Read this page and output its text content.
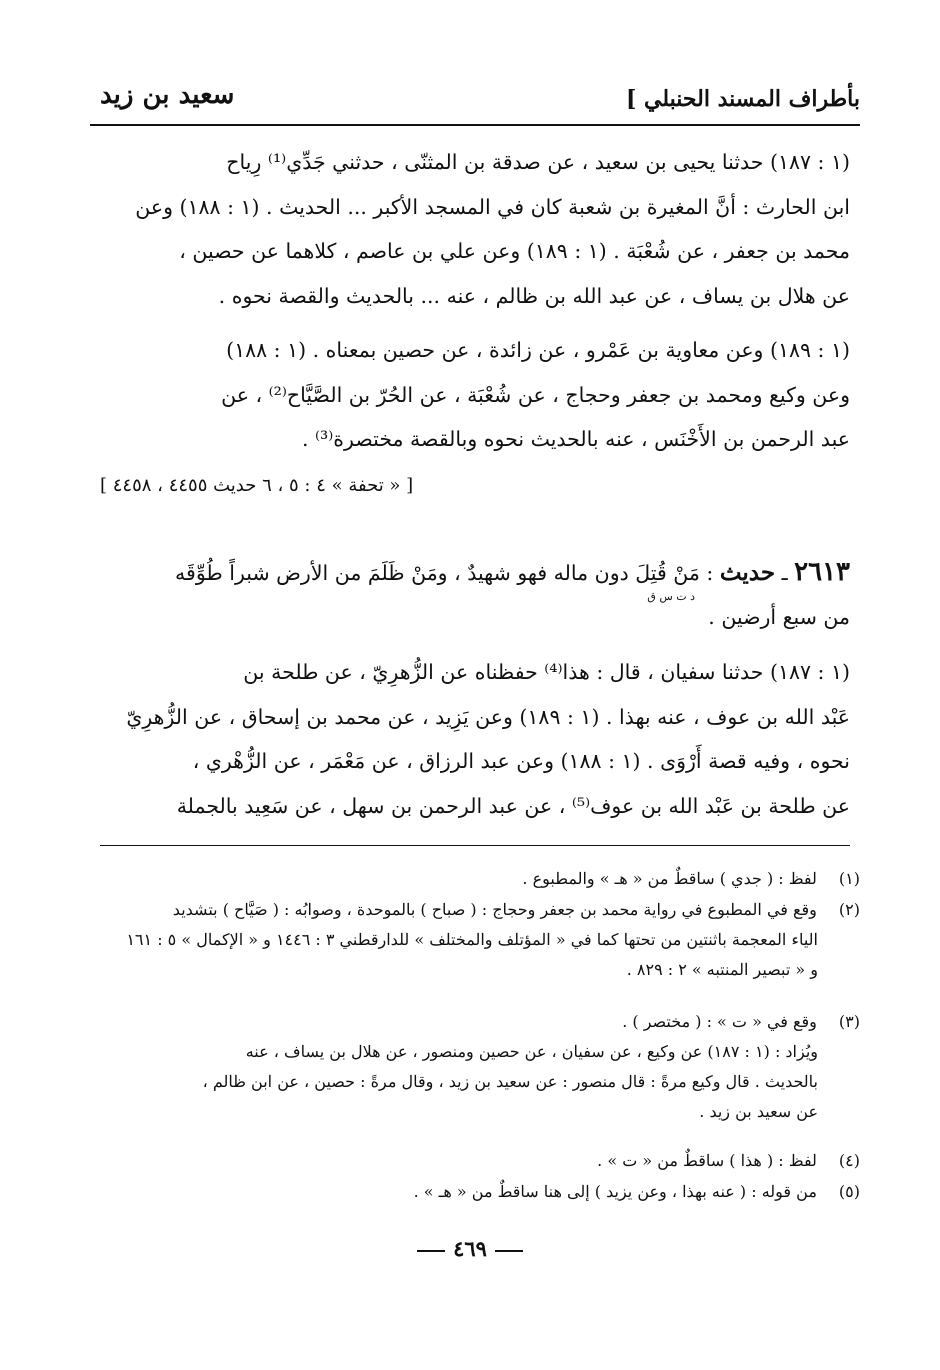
بأطراف المسند الحنبلي ]
سعيد بن زيد
(١ : ١٨٧) حدثنا يحيى بن سعيد ، عن صدقة بن المثنّى ، حدثني جَدِّي⁽¹⁾ رِياح
ابن الحارث : أنَّ المغيرة بن شعبة كان في المسجد الأكبر ... الحديث . (١ : ١٨٨) وعن
محمد بن جعفر ، عن شُعْبَة . (١ : ١٨٩) وعن علي بن عاصم ، كلاهما عن حصين ،
عن هلال بن يساف ، عن عبد الله بن ظالم ، عنه ... بالحديث والقصة نحوه .
(١ : ١٨٩) وعن معاوية بن عَمْرو ، عن زائدة ، عن حصين بمعناه . (١ : ١٨٨)
وعن وكيع ومحمد بن جعفر وحجاج ، عن شُعْبَة ، عن الحُرّ بن الصَّيَّاح⁽²⁾ ، عن
عبد الرحمن بن الأَخْنَس ، عنه بالحديث نحوه وبالقصة مختصرة⁽³⁾ .
[ « تحفة » ٤ : ٥ ، ٦ حديث ٤٤٥٥ ، ٤٤٥٨ ]
٢٦١٣ ـ حديث : مَنْ قُتِلَ دون ماله فهو شهيدٌ ، ومَنْ ظَلَمَ من الأرض شبراً طُوِّقَه
من سبع أرضين .
د ت س ق
(١ : ١٨٧) حدثنا سفيان ، قال : هذا⁽⁴⁾ حفظناه عن الزُّهرِيّ ، عن طلحة بن
عَبْد الله بن عوف ، عنه بهذا . (١ : ١٨٩) وعن يَزِيد ، عن محمد بن إسحاق ، عن الزُّهرِيّ
نحوه ، وفيه قصة أَرْوَى . (١ : ١٨٨) وعن عبد الرزاق ، عن مَعْمَر ، عن الزُّهْري ،
عن طلحة بن عَبْد الله بن عوف⁽⁵⁾ ، عن عبد الرحمن بن سهل ، عن سَعِيد بالجملة
(١) لفظ : ( جدي ) ساقطٌ من « هـ » والمطبوع .
(٢) وقع في المطبوع في رواية محمد بن جعفر وحجاج : ( صباح ) بالموحدة ، وصوابُه : ( صَيَّاح ) بتشديد
الياء المعجمة باثنتين من تحتها كما في « المؤتلف والمختلف » للدارقطني ٣ : ١٤٤٦ و « الإكمال » ٥ : ١٦١
و « تبصير المنتبه » ٢ : ٨٢٩ .
(٣) وقع في « ت » : ( مختصر ) .
ويُزاد : (١ : ١٨٧) عن وكيع ، عن سفيان ، عن حصين ومنصور ، عن هلال بن يساف ، عنه
بالحديث . قال وكيع مرةً : قال منصور : عن سعيد بن زيد ، وقال مرةً : حصين ، عن ابن ظالم ،
عن سعيد بن زيد .
(٤) لفظ : ( هذا ) ساقطٌ من « ت » .
(٥) من قوله : ( عنه بهذا ، وعن يزيد ) إلى هنا ساقطٌ من « هـ » .
٤٦٩
